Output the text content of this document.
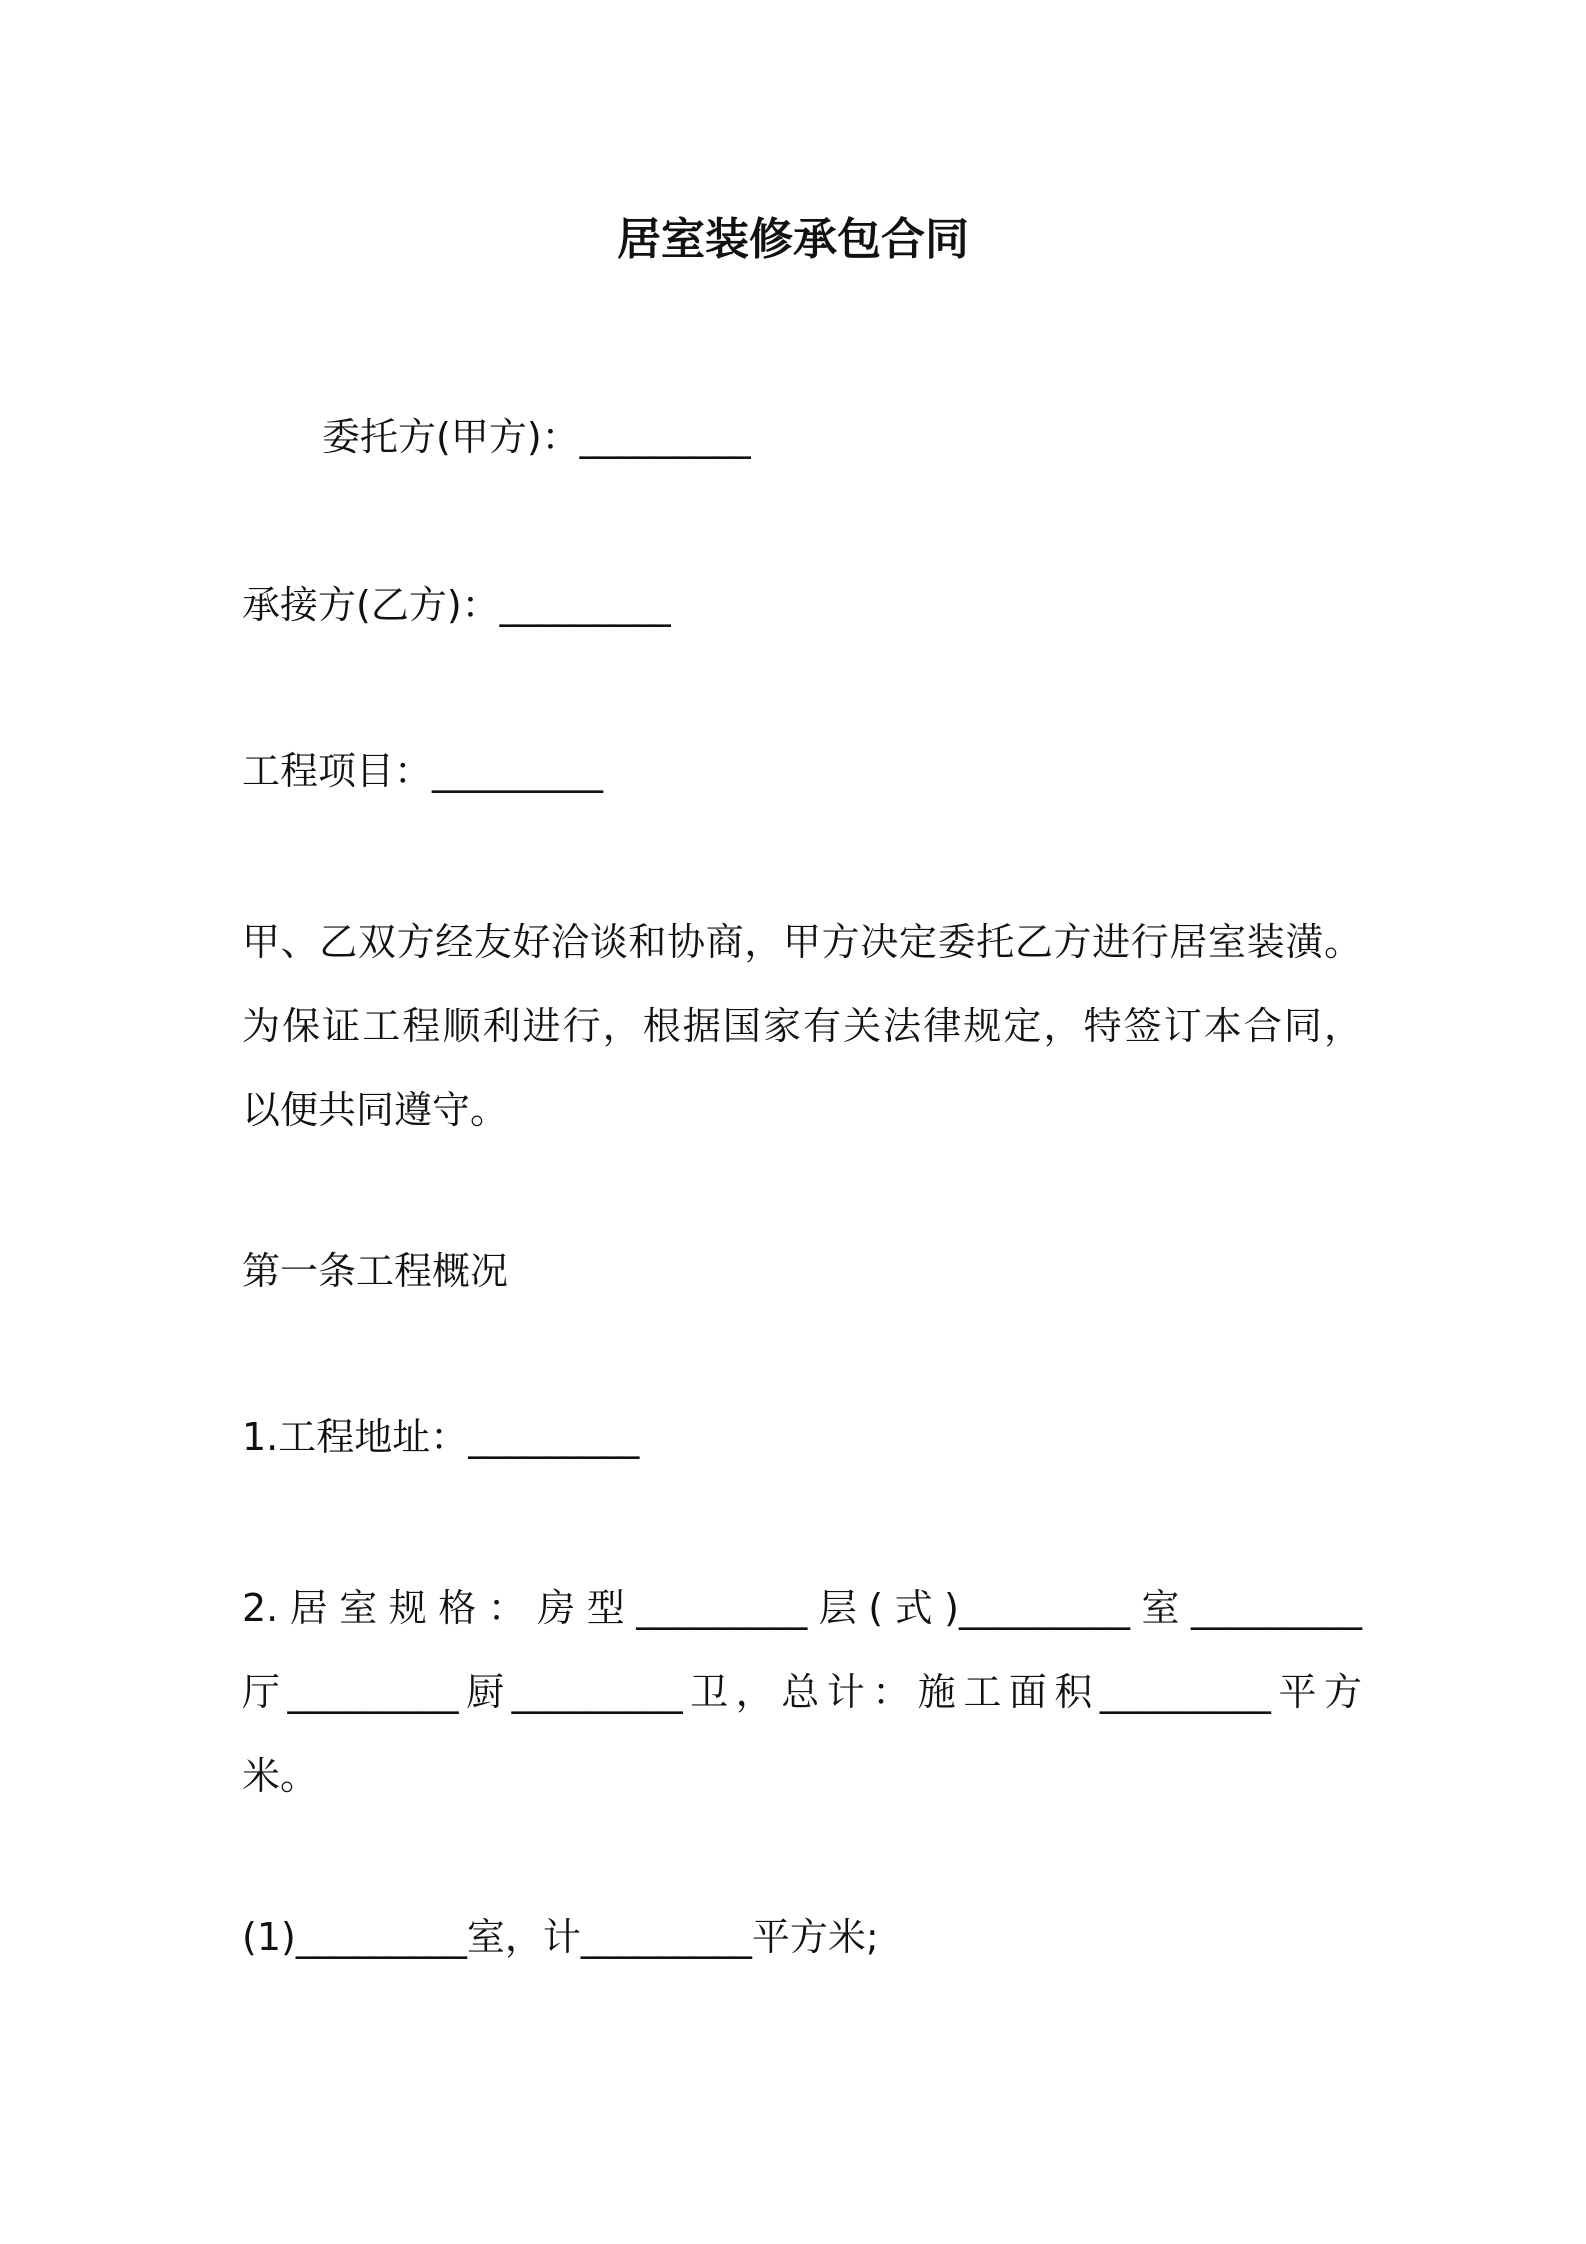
居室装修承包合同
委托方(甲方)：_________
承接方(乙方)：_________
工程项目：_________
甲、乙双方经友好洽谈和协商，甲方决定委托乙方进行居室装潢。
为保证工程顺利进行，根据国家有关法律规定，特签订本合同，
以便共同遵守。
第一条工程概况
1.工程地址：_________
2.居室规格：房型_________层(式)_________室_________
厅_________厨_________卫，总计：施工面积_________平方
米。
(1)_________室，计_________平方米;
